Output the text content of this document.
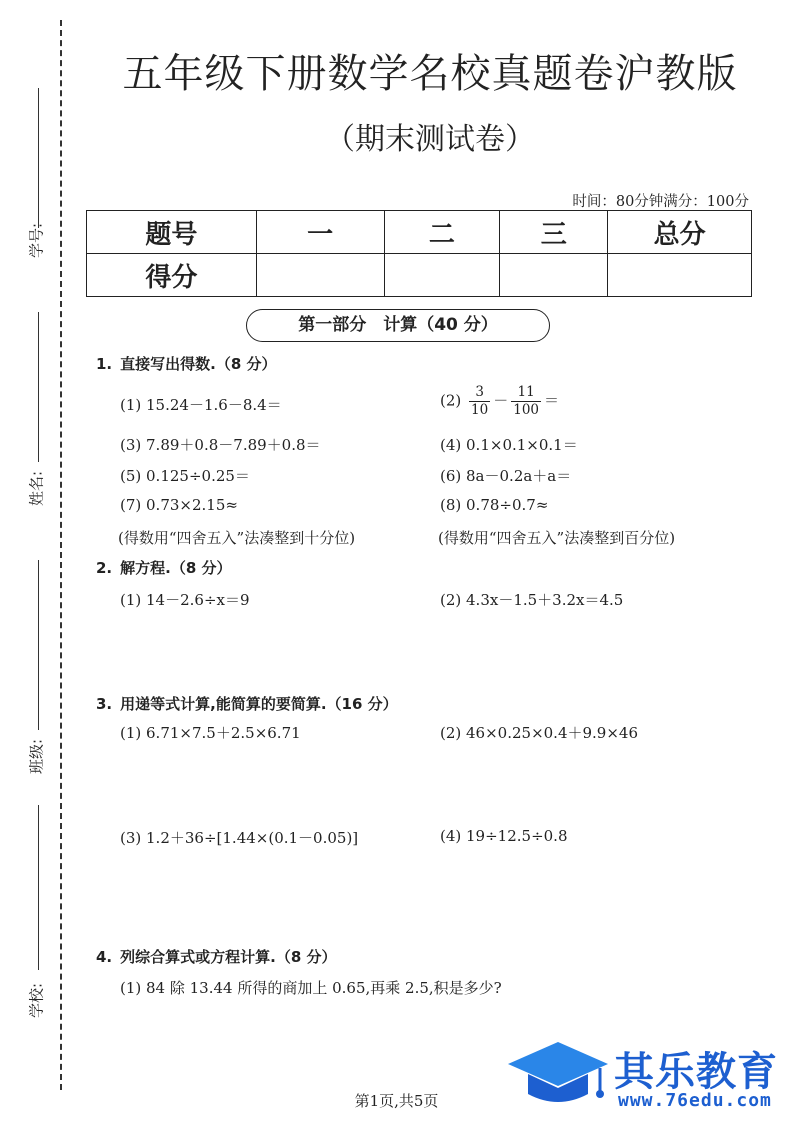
学号:
姓名:
班级:
学校:
五年级下册数学名校真题卷沪教版
（期末测试卷）
时间：80分钟满分：100分
题号	一	二	三	总分
得分				
第一部分　计算（40 分）
1. 直接写出得数.（8 分）
(1) 15.24－1.6－8.4＝	$(2) \frac{3}{10} - \frac{11}{100}$ ＝
(3) 7.89＋0.8－7.89＋0.8＝	(4) 0.1×0.1×0.1＝
(5) 0.125÷0.25＝	(6) 8a－0.2a＋a＝
(7) 0.73×2.15≈	(8) 0.78÷0.7≈
(得数用“四舍五入”法凑整到十分位)	(得数用“四舍五入”法凑整到百分位)
2. 解方程.（8 分）
(1) 14－2.6÷x＝9	(2) 4.3x－1.5＋3.2x＝4.5
3. 用递等式计算,能简算的要简算.（16 分）
(1) 6.71×7.5＋2.5×6.71	(2) 46×0.25×0.4＋9.9×46
(3) 1.2＋36÷[1.44×(0.1－0.05)]	(4) 19÷12.5÷0.8
4. 列综合算式或方程计算.（8 分）
(1) 84 除 13.44 所得的商加上 0.65,再乘 2.5,积是多少?
其乐教育
www.76edu.com
第1页,共5页
